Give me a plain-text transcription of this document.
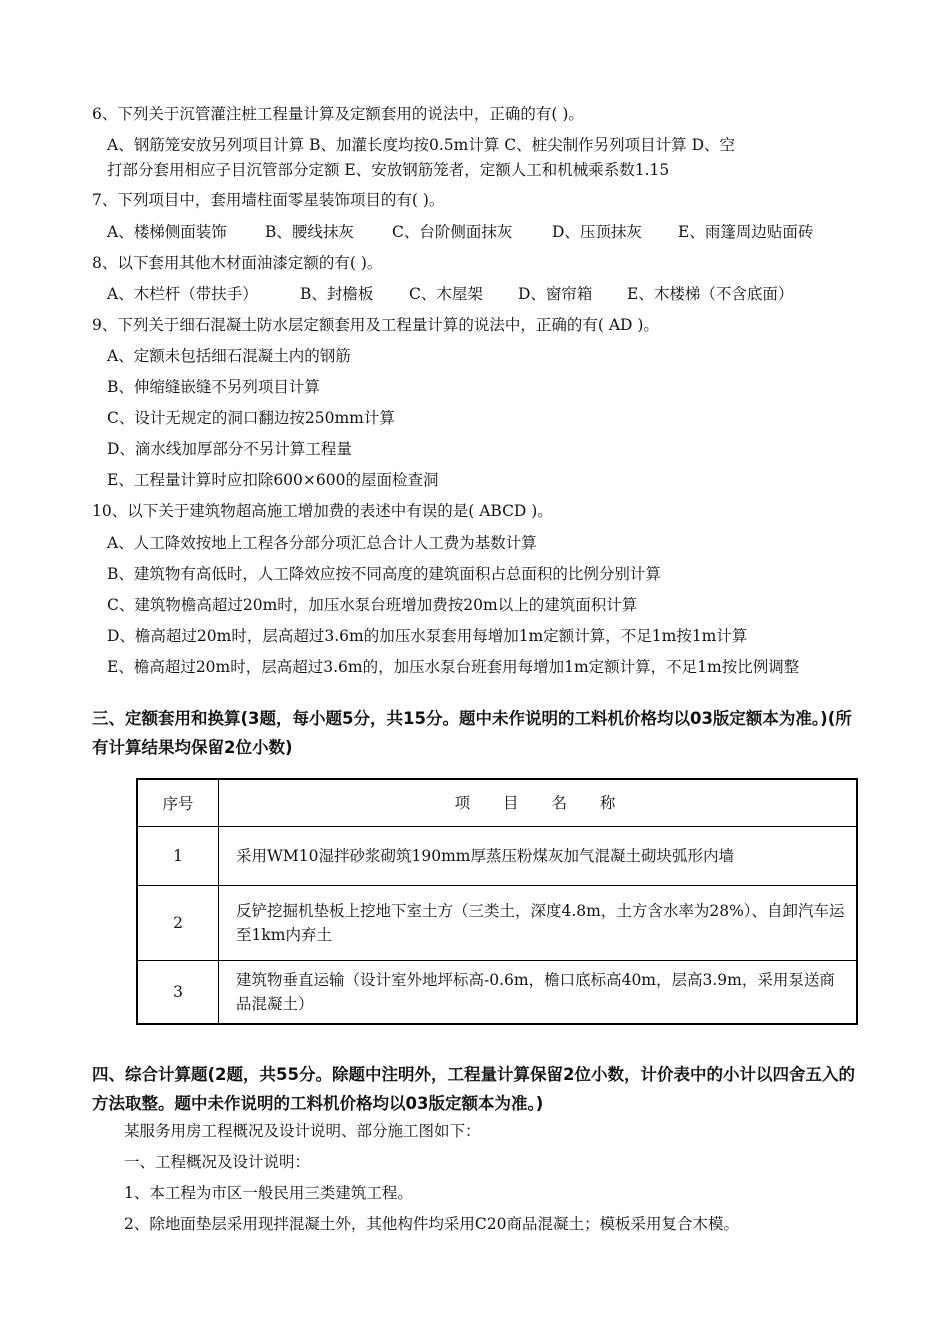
6、下列关于沉管灌注桩工程量计算及定额套用的说法中，正确的有( )。
A、钢筋笼安放另列项目计算 B、加灌长度均按0.5m计算 C、桩尖制作另列项目计算 D、空
打部分套用相应子目沉管部分定额 E、安放钢筋笼者，定额人工和机械乘系数1.15
7、下列项目中，套用墙柱面零星装饰项目的有( )。
A、楼梯侧面装饰 B、腰线抹灰 C、台阶侧面抹灰	D、压顶抹灰 E、雨篷周边贴面砖
8、以下套用其他木材面油漆定额的有( )。
A、木栏杆（带扶手）	B、封檐板 C、木屋架 D、窗帘箱 E、木楼梯（不含底面）
9、下列关于细石混凝土防水层定额套用及工程量计算的说法中，正确的有( AD )。
A、定额未包括细石混凝土内的钢筋
B、伸缩缝嵌缝不另列项目计算
C、设计无规定的洞口翻边按250mm计算
D、滴水线加厚部分不另计算工程量
E、工程量计算时应扣除600×600的屋面检查洞
10、以下关于建筑物超高施工增加费的表述中有误的是( ABCD )。
A、人工降效按地上工程各分部分项汇总合计人工费为基数计算
B、建筑物有高低时，人工降效应按不同高度的建筑面积占总面积的比例分别计算
C、建筑物檐高超过20m时，加压水泵台班增加费按20m以上的建筑面积计算
D、檐高超过20m时，层高超过3.6m的加压水泵套用每增加1m定额计算，不足1m按1m计算
E、檐高超过20m时，层高超过3.6m的，加压水泵台班套用每增加1m定额计算，不足1m按比例调整
三、定额套用和换算(3题，每小题5分，共15分。题中未作说明的工料机价格均以03版定额本为准。)(所有计算结果均保留2位小数)
序号	项 目 名 称
1	采用WM10湿拌砂浆砌筑190mm厚蒸压粉煤灰加气混凝土砌块弧形内墙
2	反铲挖掘机垫板上挖地下室土方（三类土，深度4.8m，土方含水率为28%）、自卸汽车运至1km内弃土
3	建筑物垂直运输（设计室外地坪标高-0.6m，檐口底标高40m，层高3.9m，采用泵送商品混凝土）
四、综合计算题(2题，共55分。除题中注明外，工程量计算保留2位小数，计价表中的小计以四舍五入的方法取整。题中未作说明的工料机价格均以03版定额本为准。)
某服务用房工程概况及设计说明、部分施工图如下：
一、工程概况及设计说明：
1、本工程为市区一般民用三类建筑工程。
2、除地面垫层采用现拌混凝土外，其他构件均采用C20商品混凝土；模板采用复合木模。
